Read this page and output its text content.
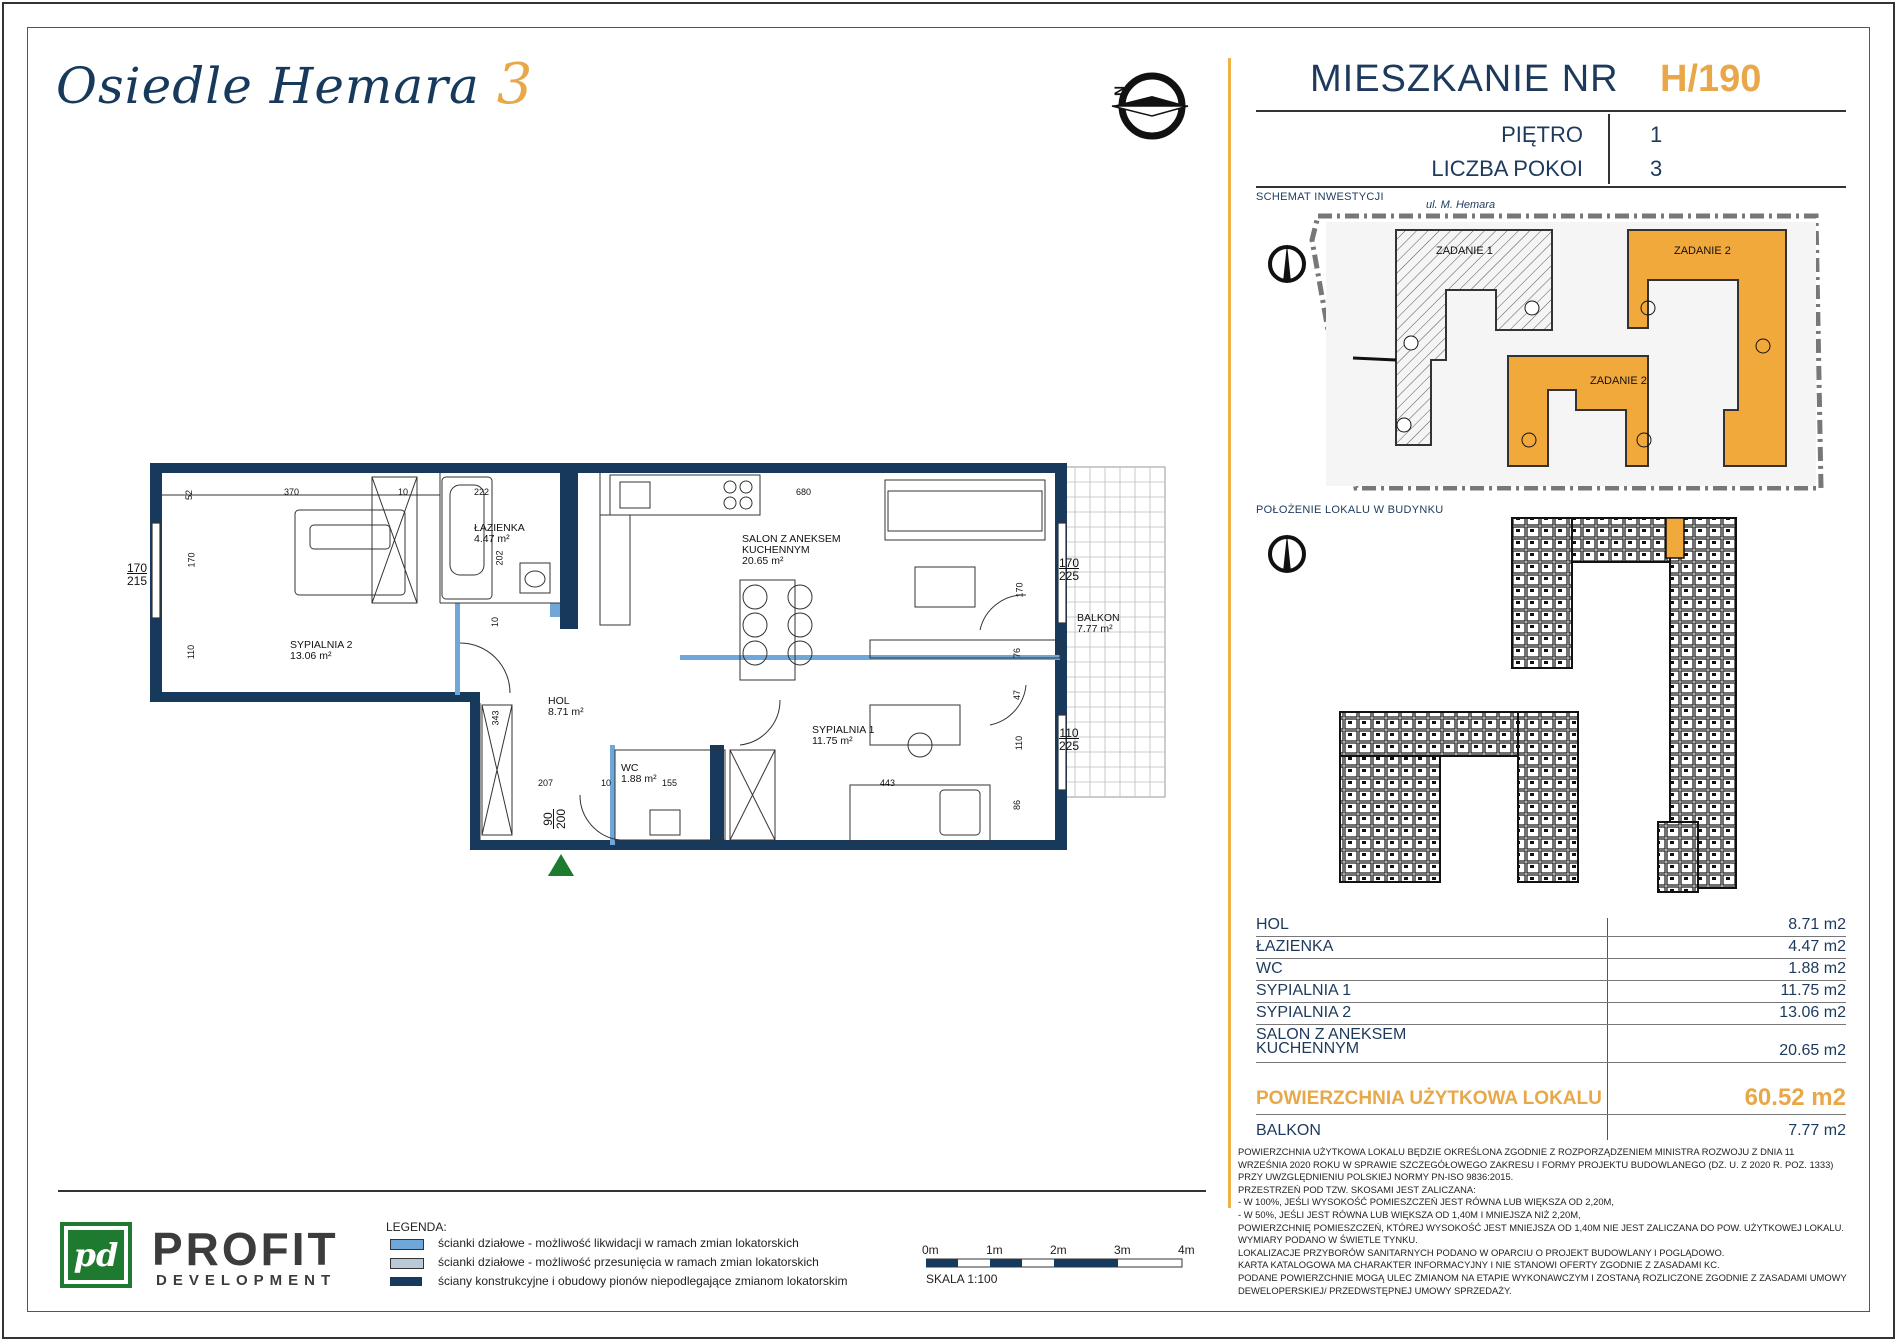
Osiedle Hemara 3	N	MIESZKANIE NR H/190
PIĘTRO	1
LICZBA POKOI	3
SCHEMAT INWESTYCJI
ul. M. Hemara
ZADANIE 1	ZADANIE 2
ZADANIE 2
POŁOŻENIE LOKALU W BUDYNKU
HOL	8.71 m2
ŁAZIENKA	4.47 m2
WC	1.88 m2
SYPIALNIA 1	11.75 m2
SYPIALNIA 2	13.06 m2
SALON Z ANEKSEM
KUCHENNYM	20.65 m2
POWIERZCHNIA UŻYTKOWA LOKALU	60.52 m2
BALKON	7.77 m2
POWIERZCHNIA UŻYTKOWA LOKALU BĘDZIE OKREŚLONA ZGODNIE Z ROZPORZĄDZENIEM MINISTRA ROZWOJU Z DNIA 11
WRZEŚNIA 2020 ROKU W SPRAWIE SZCZEGÓŁOWEGO ZAKRESU I FORMY PROJEKTU BUDOWLANEGO (DZ. U. Z 2020 R. POZ. 1333)
PRZY UWZGLĘDNIENIU POLSKIEJ NORMY PN-ISO 9836:2015.
PRZESTRZEŃ POD TZW. SKOSAMI JEST ZALICZANA:
- W 100%, JEŚLI WYSOKOŚĆ POMIESZCZEŃ JEST RÓWNA LUB WIĘKSZA OD 2,20M,
- W 50%, JEŚLI JEST RÓWNA LUB WIĘKSZA OD 1,40M I MNIEJSZA NIŻ 2,20M,
POWIERZCHNIĘ POMIESZCZEŃ, KTÓREJ WYSOKOŚĆ JEST MNIEJSZA OD 1,40M NIE JEST ZALICZANA DO POW. UŻYTKOWEJ LOKALU.
WYMIARY PODANO W ŚWIETLE TYNKU.
LOKALIZACJE PRZYBORÓW SANITARNYCH PODANO W OPARCIU O PROJEKT BUDOWLANY I POGLĄDOWO.
KARTA KATALOGOWA MA CHARAKTER INFORMACYJNY I NIE STANOWI OFERTY ZGODNIE Z ZASADAMI KC.
PODANE POWIERZCHNIE MOGĄ ULEC ZMIANOM NA ETAPIE WYKONAWCZYM I ZOSTANĄ ROZLICZONE ZGODNIE Z ZASADAMI UMOWY
DEWELOPERSKIEJ/ PRZEDWSTĘPNEJ UMOWY SPRZEDAŻY.
SYPIALNIA 2
13.06 m²
ŁAZIENKA
4.47 m²	SALON Z ANEKSEM
KUCHENNYM
20.65 m²
HOL
8.71 m²
SYPIALNIA 1
11.75 m²
WC
1.88 m²
BALKON
7.77 m²
370	680
443
10	222
202
10
343
207	10	155
170
110
52
170
76
47
110
86
170
215
170
225
110
225
90
200
pd PROFIT
DEVELOPMENT
LEGENDA:
ścianki działowe - możliwość likwidacji w ramach zmian lokatorskich
ścianki działowe - możliwość przesunięcia w ramach zmian lokatorskich
ściany konstrukcyjne i obudowy pionów niepodlegające zmianom lokatorskim
0m	1m	2m	3m	4m
SKALA 1:100
